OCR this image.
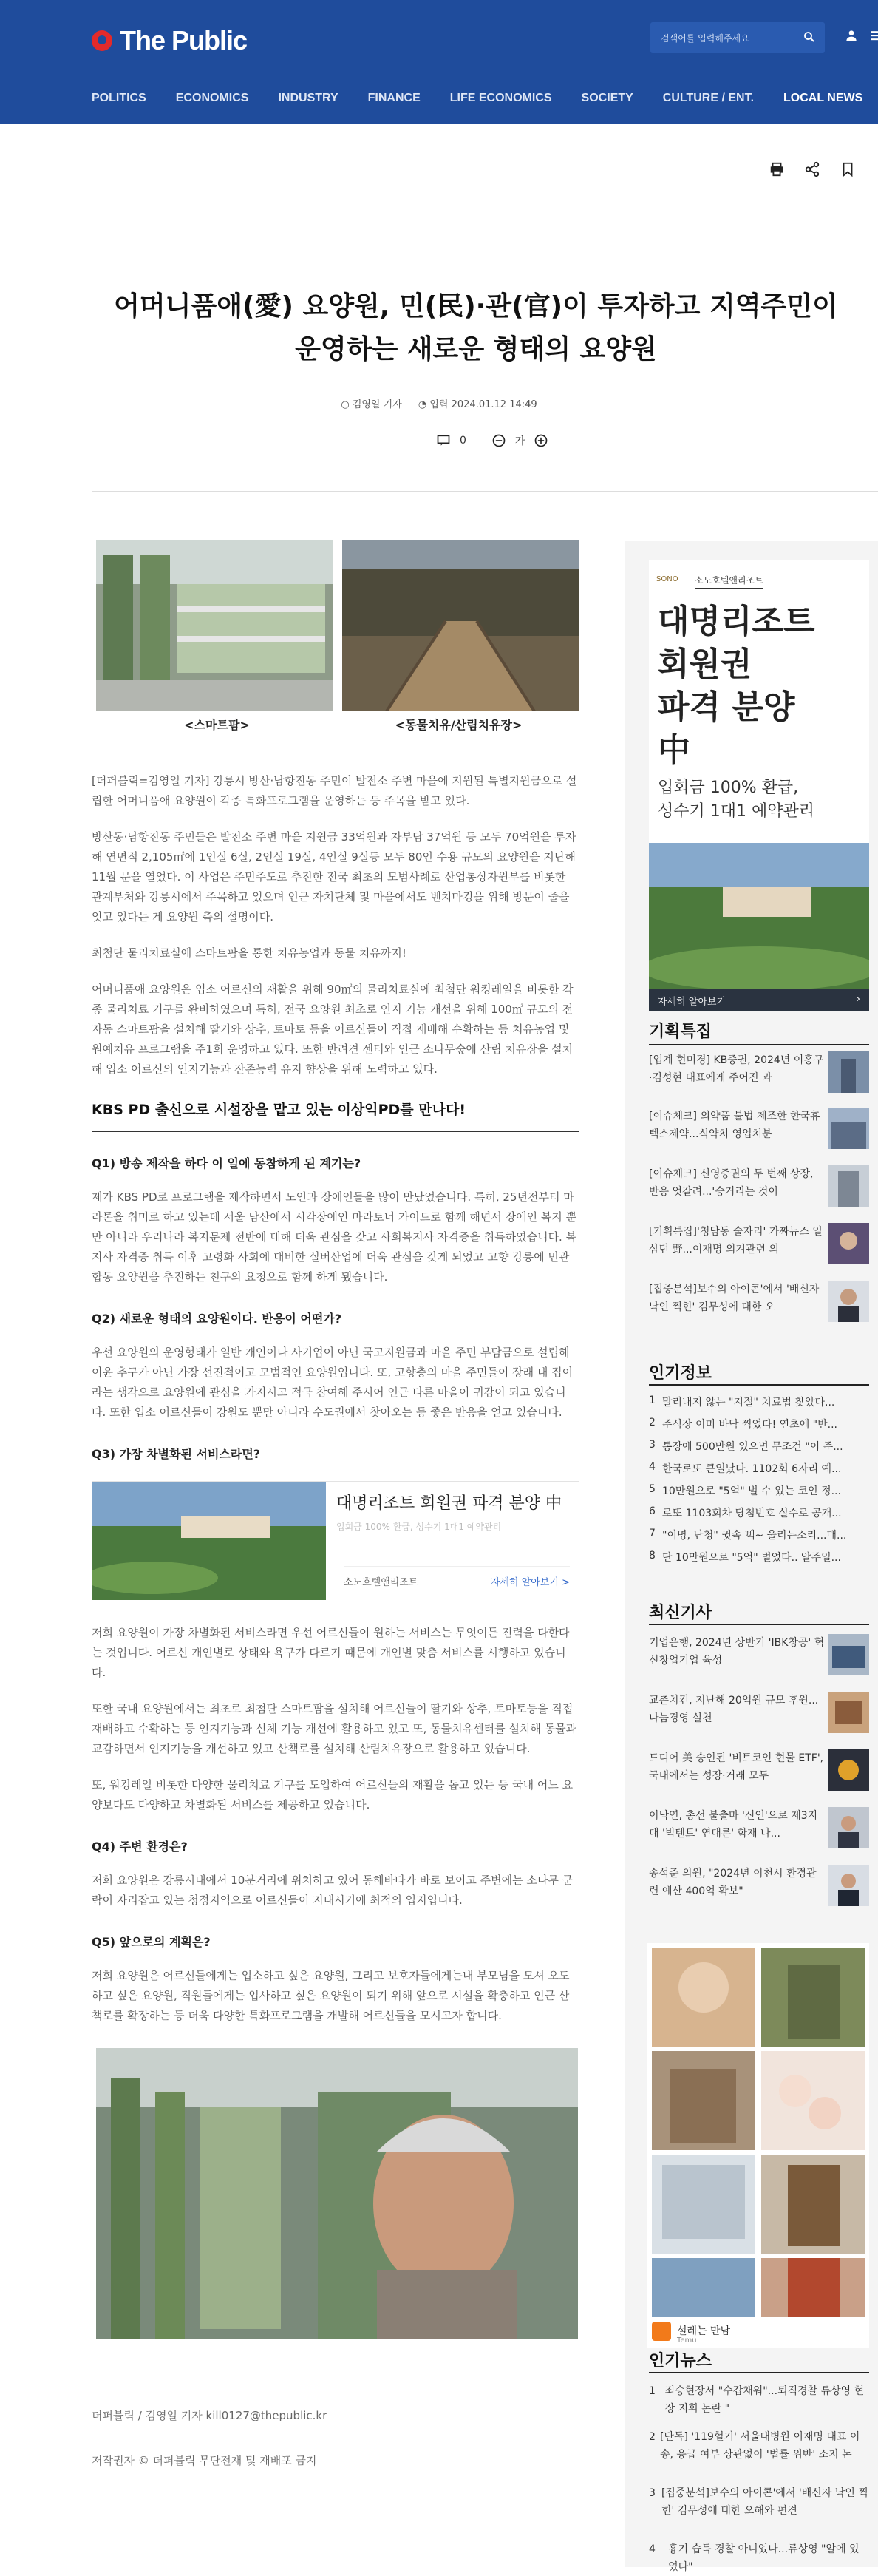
The Public	검색어를 입력해주세요
POLITICS	ECONOMICS	INDUSTRY	FINANCE	LIFE ECONOMICS	SOCIETY	CULTURE / ENT.	LOCAL NEWS
어머니품애(愛) 요양원, 민(民)·관(官)이 투자하고 지역주민이
운영하는 새로운 형태의 요양원
○ 김영일 기자 ◔ 입력 2024.01.12 14:49
0	가
<스마트팜>	<동물치유/산림치유장>

[더퍼블릭=김영일 기자] 강릉시 방산·남항진동 주민이 발전소 주변 마을에 지원된 특별지원금으로 설립한 어머니품애 요양원이 각종 특화프로그램을 운영하는 등 주목을 받고 있다.

방산동·남항진동 주민들은 발전소 주변 마을 지원금 33억원과 자부담 37억원 등 모두 70억원을 투자해 연면적 2,105㎡에 1인실 6실, 2인실 19실, 4인실 9실등 모두 80인 수용 규모의 요양원을 지난해 11월 문을 열었다. 이 사업은 주민주도로 추진한 전국 최초의 모범사례로 산업통상자원부를 비롯한 관계부처와 강릉시에서 주목하고 있으며 인근 자치단체 및 마을에서도 벤치마킹을 위해 방문이 줄을 잇고 있다는 게 요양원 측의 설명이다.

최첨단 물리치료실에 스마트팜을 통한 치유농업과 동물 치유까지!

어머니품애 요양원은 입소 어르신의 재활을 위해 90㎡의 물리치료실에 최첨단 워킹레일을 비롯한 각종 물리치료 기구를 완비하였으며 특히, 전국 요양원 최초로 인지 기능 개선을 위해 100㎡ 규모의 전자동 스마트팜을 설치해 딸기와 상추, 토마토 등을 어르신들이 직접 재배해 수확하는 등 치유농업 및 원예치유 프로그램을 주1회 운영하고 있다. 또한 반려견 센터와 인근 소나무숲에 산림 치유장을 설치해 입소 어르신의 인지기능과 잔존능력 유지 향상을 위해 노력하고 있다.

KBS PD 출신으로 시설장을 맡고 있는 이상익PD를 만나다!
Q1) 방송 제작을 하다 이 일에 동참하게 된 계기는?

제가 KBS PD로 프로그램을 제작하면서 노인과 장애인들을 많이 만났었습니다. 특히, 25년전부터 마라톤을 취미로 하고 있는데 서울 남산에서 시각장애인 마라토너 가이드로 함께 해면서 장애인 복지 뿐만 아니라 우리나라 복지문제 전반에 대해 더욱 관심을 갖고 사회복지사 자격증을 취득하였습니다. 복지사 자격증 취득 이후 고령화 사회에 대비한 실버산업에 더욱 관심을 갖게 되었고 고향 강릉에 민관합동 요양원을 추진하는 친구의 요청으로 함께 하게 됐습니다.

Q2) 새로운 형태의 요양원이다. 반응이 어떤가?

우선 요양원의 운영형태가 일반 개인이나 사기업이 아닌 국고지원금과 마을 주민 부담금으로 설립해 이윤 추구가 아닌 가장 선진적이고 모범적인 요양원입니다. 또, 고향층의 마을 주민들이 장래 내 집이라는 생각으로 요양원에 관심을 가지시고 적극 참여해 주시어 인근 다른 마을이 귀감이 되고 있습니다. 또한 입소 어르신들이 강원도 뿐만 아니라 수도권에서 찾아오는 등 좋은 반응을 얻고 있습니다.

Q3) 가장 차별화된 서비스라면?
대명리조트 회원권 파격 분양 中
입회금 100% 환급, 성수기 1대1 예약관리
소노호텔앤리조트	자세히 알아보기 >

저희 요양원이 가장 차별화된 서비스라면 우선 어르신들이 원하는 서비스는 무엇이든 진력을 다한다는 것입니다. 어르신 개인별로 상태와 욕구가 다르기 때문에 개인별 맞춤 서비스를 시행하고 있습니다.

또한 국내 요양원에서는 최초로 최첨단 스마트팜을 설치해 어르신들이 딸기와 상추, 토마토등을 직접 재배하고 수확하는 등 인지기능과 신체 기능 개선에 활용하고 있고 또, 동물치유센터를 설치해 동물과 교감하면서 인지기능을 개선하고 있고 산책로를 설치해 산림치유장으로 활용하고 있습니다.

또, 워킹레일 비롯한 다양한 물리치료 기구를 도입하여 어르신들의 재활을 돕고 있는 등 국내 어느 요양보다도 다양하고 차별화된 서비스를 제공하고 있습니다.

Q4) 주변 환경은?

저희 요양원은 강릉시내에서 10분거리에 위치하고 있어 동해바다가 바로 보이고 주변에는 소나무 군락이 자리잡고 있는 청정지역으로 어르신들이 지내시기에 최적의 입지입니다.

Q5) 앞으로의 계획은?

저희 요양원은 어르신들에게는 입소하고 싶은 요양원, 그리고 보호자들에게는내 부모님을 모셔 오도하고 싶은 요양원, 직원들에게는 입사하고 싶은 요양원이 되기 위해 앞으로 시설을 확충하고 인근 산책로를 확장하는 등 더욱 다양한 특화프로그램을 개발해 어르신들을 모시고자 합니다.

더퍼블릭 / 김영일 기자 kill0127@thepublic.kr
저작권자 © 더퍼블릭 무단전재 및 재배포 금지
SONO 소노호텔앤리조트
대명리조트
회원권
파격 분양
中
입회금 100% 환급,
성수기 1대1 예약관리
자세히 알아보기	›
기획특집
[업계 현미경] KB증권, 2024년 이홍구·김성현 대표에게 주어진 과
[이슈체크] 의약품 불법 제조한 한국휴텍스제약...식약처 영업처분
[이슈체크] 신영증권의 두 번째 상장, 반응 엇갈려...'승거리는 것이
[기획특집]'청담동 술자리' 가짜뉴스 일삼던 野...이재명 의겨관련 의
[집중분석]보수의 아이콘'에서 '배신자 낙인 찍힌' 김무성에 대한 오
인기정보
1 말리내지 않는 "지절" 치료법 찾았다...
2 주식장 이미 바닥 찍었다! 연초에 "반...
3 통장에 500만원 있으면 무조건 "이 주...
4 한국로또 큰일났다. 1102회 6자리 예...
5 10만원으로 "5억" 벌 수 있는 코인 정...
6 로또 1103회차 당첨번호 실수로 공개...
7 "이명, 난청" 귓속 빽~ 울리는소리...매...
8 단 10만원으로 "5억" 벌었다.. 알주일...
최신기사
기업은행, 2024년 상반기 'IBK창공' 혁신창업기업 육성
교촌치킨, 지난해 20억원 규모 후원...나눔경영 실천
드디어 美 승인된 '비트코인 현물 ETF', 국내에서는 성장·거래 모두
이낙연, 총선 불출마 '신인'으로 제3지대 '빅텐트' 연대론' 학재 나...
송석준 의원, "2024년 이천시 환경관련 예산 400억 확보"
설레는 만남
Temu
인기뉴스
1 죄승현장서 "수갑채워"...퇴직경찰 류상영 현장 지휘 논란 "
2 [단독] '119혈기' 서울대병원 이재명 대표 이송, 응급 여부 상관없이 '법률 위반' 소지 논
3 [집중분석]보수의 아이콘'에서 '배신자 낙인 찍힌' 김무성에 대한 오해와 편견
4	흉기 습득 경찰 아니었나...류상영 "알에 있었다"
